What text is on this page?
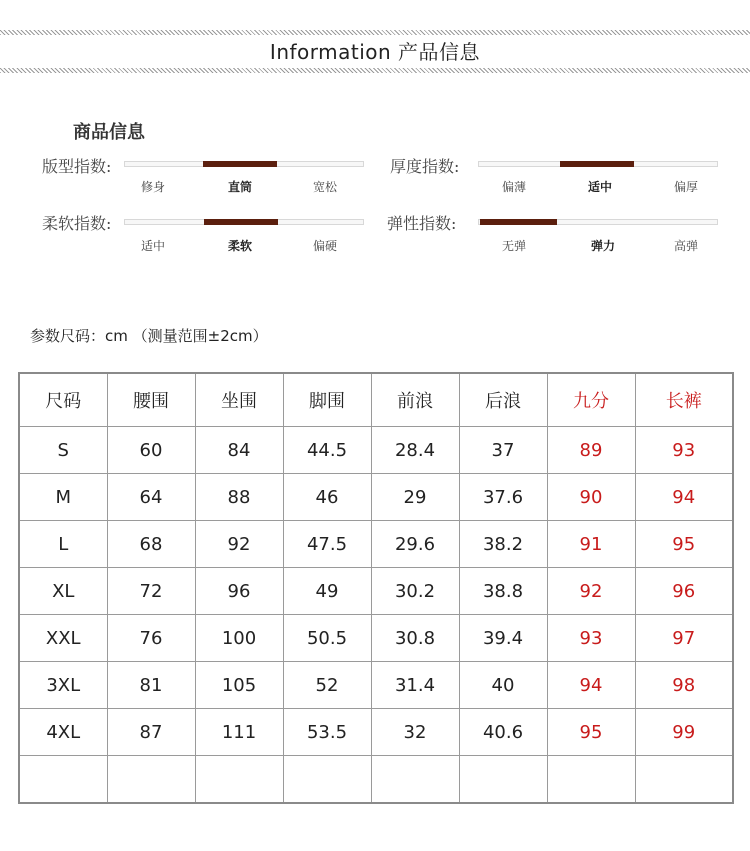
Information 产品信息
商品信息
版型指数:
修身	直筒	宽松
厚度指数:
偏薄	适中	偏厚
柔软指数:
适中	柔软	偏硬
弹性指数:
无弹	弹力	高弹
参数尺码：cm （测量范围±2cm）
尺码	腰围	坐围	脚围	前浪	后浪	九分	长裤
S	60	84	44.5	28.4	37	89	93
M	64	88	46	29	37.6	90	94
L	68	92	47.5	29.6	38.2	91	95
XL	72	96	49	30.2	38.8	92	96
XXL	76	100	50.5	30.8	39.4	93	97
3XL	81	105	52	31.4	40	94	98
4XL	87	111	53.5	32	40.6	95	99
